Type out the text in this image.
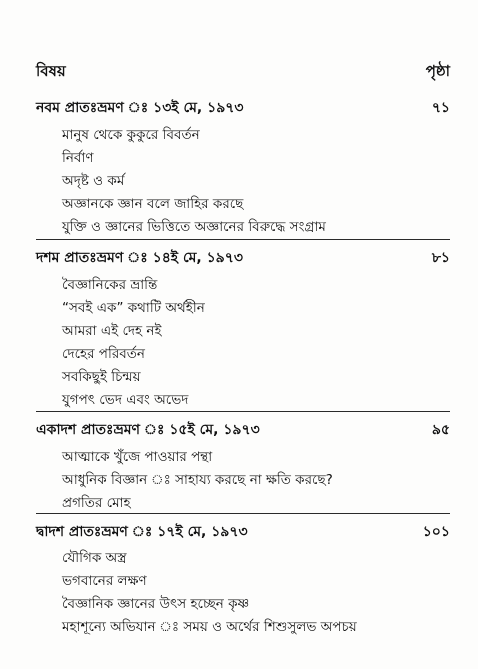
বিষয়	পৃষ্ঠা
নবম প্রাতঃভ্রমণ ঃ ১৩ই মে, ১৯৭৩	৭১
মানুষ থেকে কুকুরে বিবর্তন
নির্বাণ
অদৃষ্ট ও কর্ম
অজ্ঞানকে জ্ঞান বলে জাহির করছে
যুক্তি ও জ্ঞানের ভিত্তিতে অজ্ঞানের বিরুদ্ধে সংগ্রাম
দশম প্রাতঃভ্রমণ ঃ ১৪ই মে, ১৯৭৩	৮১
বৈজ্ঞানিকের ভ্রান্তি
“সবই এক” কথাটি অর্থহীন
আমরা এই দেহ নই
দেহের পরিবর্তন
সবকিছুই চিন্ময়
যুগপৎ ভেদ এবং অভেদ
একাদশ প্রাতঃভ্রমণ ঃ ১৫ই মে, ১৯৭৩	৯৫
আত্মাকে খুঁজে পাওয়ার পন্থা
আধুনিক বিজ্ঞান ঃ সাহায্য করছে না ক্ষতি করছে?
প্রগতির মোহ
দ্বাদশ প্রাতঃভ্রমণ ঃ ১৭ই মে, ১৯৭৩	১০১
যৌগিক অস্ত্র
ভগবানের লক্ষণ
বৈজ্ঞানিক জ্ঞানের উৎস হচ্ছেন কৃষ্ণ
মহাশূন্যে অভিযান ঃ সময় ও অর্থের শিশুসুলভ অপচয়
